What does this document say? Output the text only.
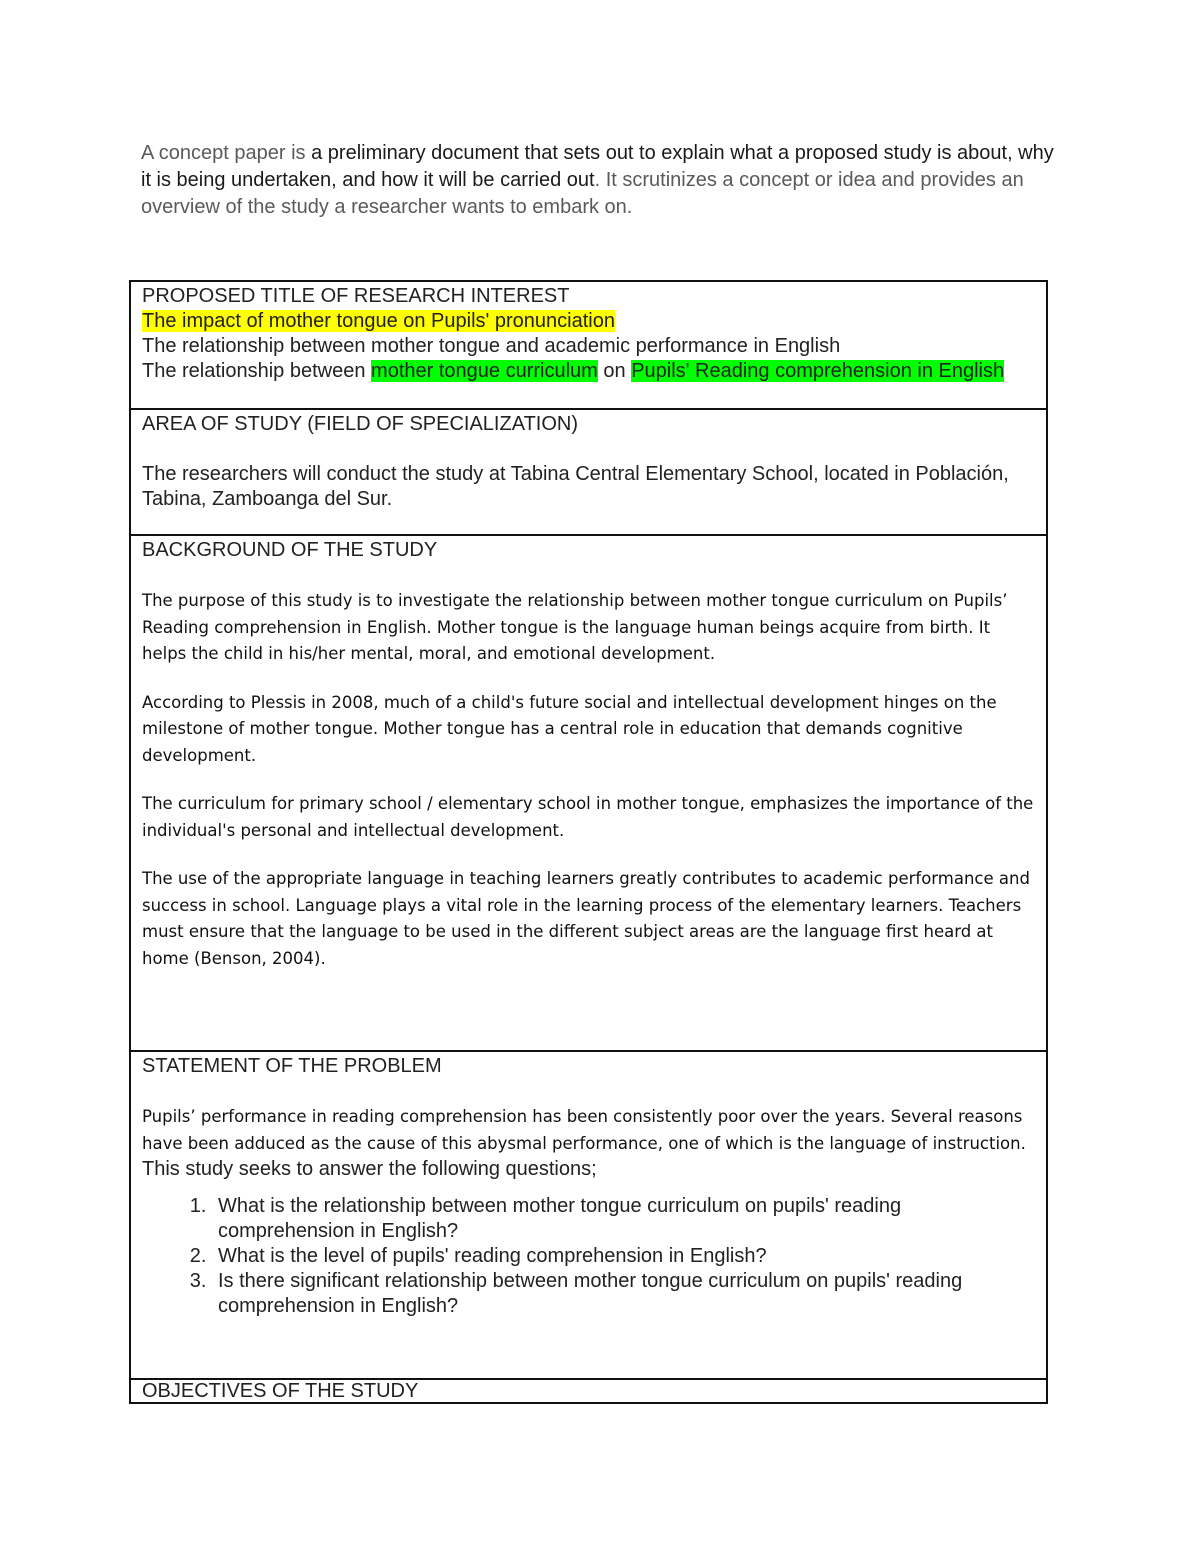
A concept paper is a preliminary document that sets out to explain what a proposed study is about, why it is being undertaken, and how it will be carried out. It scrutinizes a concept or idea and provides an overview of the study a researcher wants to embark on.

PROPOSED TITLE OF RESEARCH INTEREST

The impact of mother tongue on Pupils' pronunciation

The relationship between mother tongue and academic performance in English

The relationship between mother tongue curriculum on Pupils' Reading comprehension in English

AREA OF STUDY (FIELD OF SPECIALIZATION)

The researchers will conduct the study at Tabina Central Elementary School, located in Población, Tabina, Zamboanga del Sur.

BACKGROUND OF THE STUDY

The purpose of this study is to investigate the relationship between mother tongue curriculum on Pupils’ Reading comprehension in English. Mother tongue is the language human beings acquire from birth. It helps the child in his/her mental, moral, and emotional development.

According to Plessis in 2008, much of a child's future social and intellectual development hinges on the milestone of mother tongue. Mother tongue has a central role in education that demands cognitive development.

The curriculum for primary school / elementary school in mother tongue, emphasizes the importance of the individual's personal and intellectual development.

The use of the appropriate language in teaching learners greatly contributes to academic performance and success in school. Language plays a vital role in the learning process of the elementary learners. Teachers must ensure that the language to be used in the different subject areas are the language first heard at home (Benson, 2004).

STATEMENT OF THE PROBLEM

Pupils’ performance in reading comprehension has been consistently poor over the years. Several reasons have been adduced as the cause of this abysmal performance, one of which is the language of instruction. This study seeks to answer the following questions;

1. What is the relationship between mother tongue curriculum on pupils' reading comprehension in English?
2. What is the level of pupils' reading comprehension in English?
3. Is there significant relationship between mother tongue curriculum on pupils' reading comprehension in English?

OBJECTIVES OF THE STUDY
